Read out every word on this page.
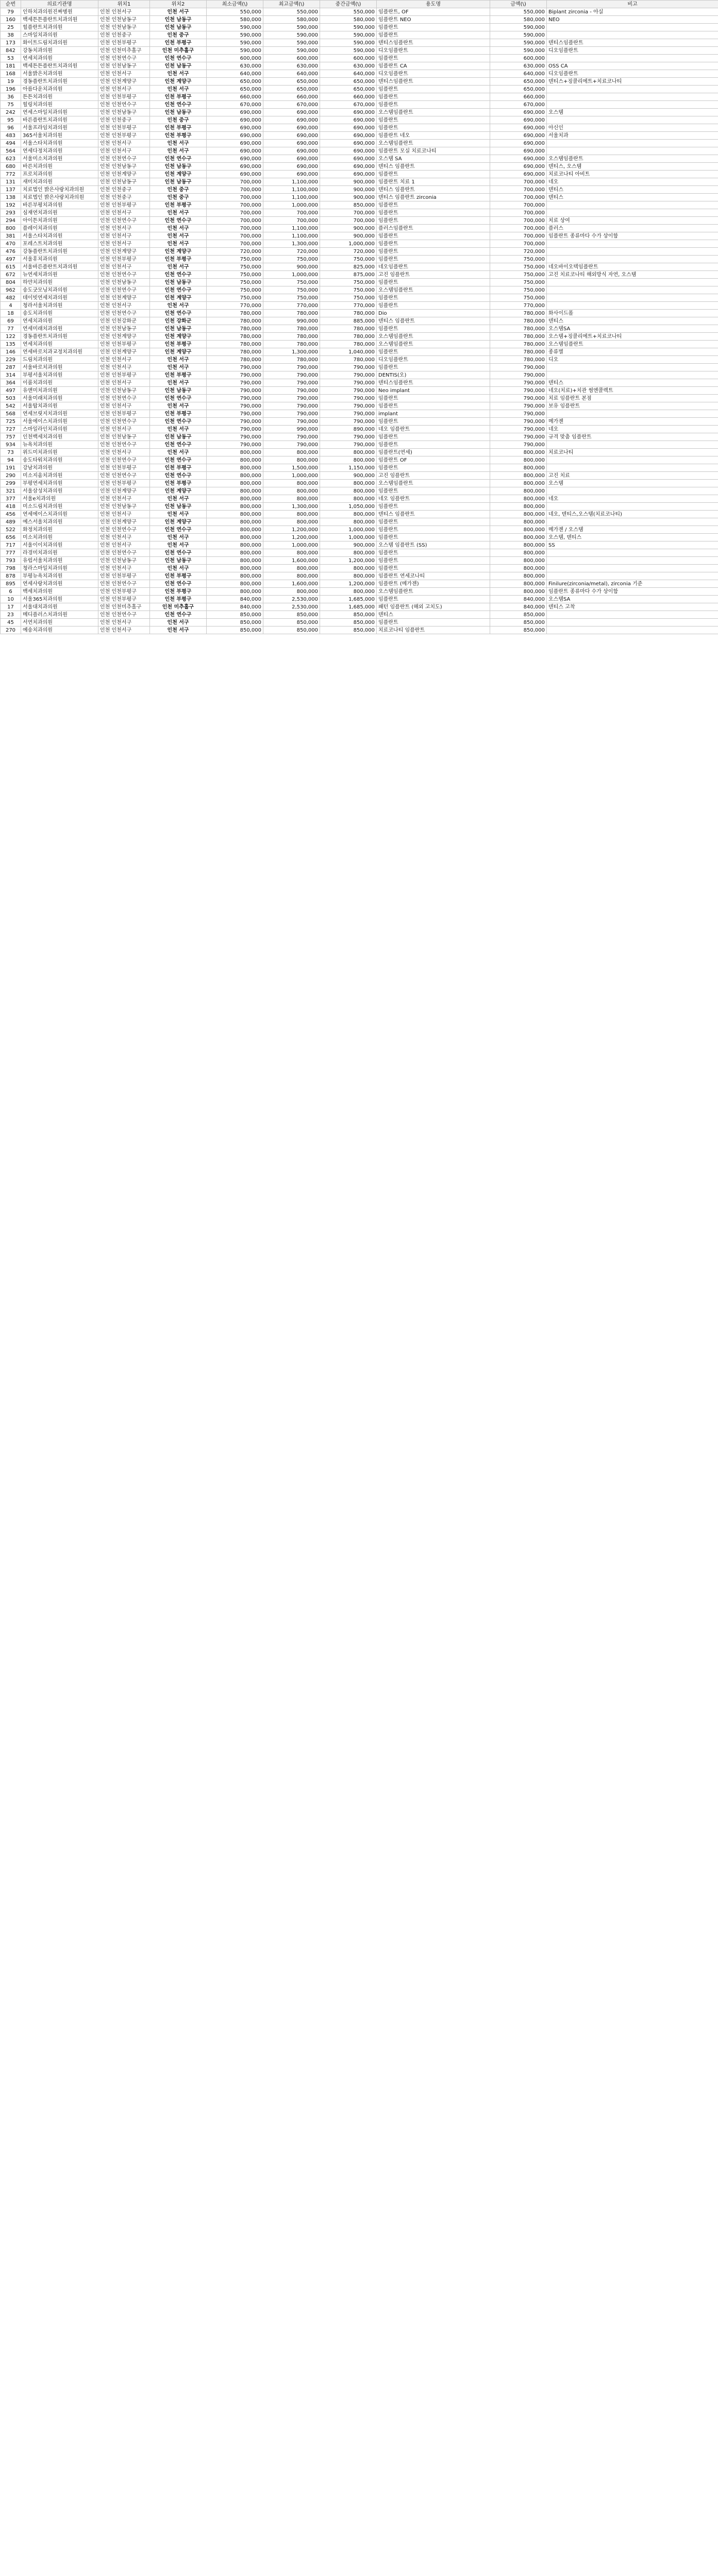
순번	의료기관명	위치1	위치2	최소금액(\)	최고금액(\)	중간금액(\)	용도명	금액(\)	비고
79	인하치과의원진짜병원	인천 인천서구	인천 서구	550,000	550,000	550,000	임플란트, OF	550,000	Biplant zirconia - 아실
160	백세튼튼플란트치과의원	인천 인천남동구	인천 남동구	580,000	580,000	580,000	임플란트 NEO	580,000	NEO
25	힐플란트치과의원	인천 인천남동구	인천 남동구	590,000	590,000	590,000	임플란트	590,000	
38	스마일치과의원	인천 인천중구	인천 중구	590,000	590,000	590,000	임플란트	590,000	
173	화이트드림치과의원	인천 인천부평구	인천 부평구	590,000	590,000	590,000	덴티스임플란트	590,000	덴티스임플란트
842	강동치과의원	인천 인천미추홀구	인천 미추홀구	590,000	590,000	590,000	디오임플란트	590,000	디오임플란트
53	연세치과의원	인천 인천연수구	인천 연수구	600,000	600,000	600,000	임플란트	600,000	
181	백세튼튼플란트치과의원	인천 인천남동구	인천 남동구	630,000	630,000	630,000	임플란트 CA	630,000	OSS CA
168	서울밝은치과의원	인천 인천서구	인천 서구	640,000	640,000	640,000	디오임플란트	640,000	디오임플란트
19	경동플란트치과의원	인천 인천계양구	인천 계양구	650,000	650,000	650,000	덴티스임플란트	650,000	덴티스+징콜리에트+치료코나티
196	아름다운치과의원	인천 인천서구	인천 서구	650,000	650,000	650,000	임플란트	650,000	
36	튼튼치과의원	인천 인천부평구	인천 부평구	660,000	660,000	660,000	임플란트	660,000	
75	힐링치과의원	인천 인천연수구	인천 연수구	670,000	670,000	670,000	임플란트	670,000	
242	연세스마일치과의원	인천 인천남동구	인천 남동구	690,000	690,000	690,000	오스템임플란트	690,000	오스템
95	바른플란트치과의원	인천 인천중구	인천 중구	690,000	690,000	690,000	임플란트	690,000	
96	서울프라임치과의원	인천 인천부평구	인천 부평구	690,000	690,000	690,000	임플란트	690,000	아신인
483	365서울치과의원	인천 인천부평구	인천 부평구	690,000	690,000	690,000	임플란트 네오	690,000	서울치과
494	서울스타치과의원	인천 인천서구	인천 서구	690,000	690,000	690,000	오스템임플란트	690,000	
564	연세다정치과의원	인천 인천서구	인천 서구	690,000	690,000	690,000	임플란트 모실 치료코나티	690,000	
623	서울미소치과의원	인천 인천연수구	인천 연수구	690,000	690,000	690,000	오스템 SA	690,000	오스템임플란트
680	바른치과의원	인천 인천남동구	인천 남동구	690,000	690,000	690,000	덴티스 임플란트	690,000	덴티스, 오스템
772	프로치과의원	인천 인천계양구	인천 계양구	690,000	690,000	690,000	임플란트	690,000	치료코나티 아비트
131	새미치과의원	인천 인천남동구	인천 남동구	700,000	1,100,000	900,000	임플란트 치료 1	700,000	네오
137	치료법인 밝은사랑치과의원	인천 인천중구	인천 중구	700,000	1,100,000	900,000	덴티스 임플란트	700,000	덴티스
138	치료법인 밝은사랑치과의원	인천 인천중구	인천 중구	700,000	1,100,000	900,000	덴티스 임플란트 zirconia	700,000	덴티스
192	바른부평치과의원	인천 인천부평구	인천 부평구	700,000	1,000,000	850,000	임플란트	700,000	
293	심재연치과의원	인천 인천서구	인천 서구	700,000	700,000	700,000	임플란트	700,000	
294	아이튼치과의원	인천 인천연수구	인천 연수구	700,000	700,000	700,000	임플란트	700,000	치료 상여
800	플레이치과의원	인천 인천서구	인천 서구	700,000	1,100,000	900,000	플러스임플란트	700,000	플러스
381	서울스타치과의원	인천 인천서구	인천 서구	700,000	1,100,000	900,000	임플란트	700,000	임플란트 종류마다 수가 상이함
470	포레스트치과의원	인천 인천서구	인천 서구	700,000	1,300,000	1,000,000	임플란트	700,000	
476	강동플란트치과의원	인천 인천계양구	인천 계양구	720,000	720,000	720,000	임플란트	720,000	
497	서울휴치과의원	인천 인천부평구	인천 부평구	750,000	750,000	750,000	임플란트	750,000	
615	서울바른플란트치과의원	인천 인천서구	인천 서구	750,000	900,000	825,000	네오임플란트	750,000	네오바이오텍임플란트
672	뉴연세치과의원	인천 인천연수구	인천 연수구	750,000	1,000,000	875,000	고진 임플란트	750,000	고진 치료코나티 해외방식 자연, 오스템
804	하얀치과의원	인천 인천남동구	인천 남동구	750,000	750,000	750,000	임플란트	750,000	
962	송도굿모닝치과의원	인천 인천연수구	인천 연수구	750,000	750,000	750,000	오스템임플란트	750,000	
482	데이빗연세치과의원	인천 인천계양구	인천 계양구	750,000	750,000	750,000	임플란트	750,000	
4	청라서울치과의원	인천 인천서구	인천 서구	770,000	770,000	770,000	임플란트	770,000	
18	송도치과의원	인천 인천연수구	인천 연수구	780,000	780,000	780,000	Dio	780,000	화사이드폴
69	연세치과의원	인천 인천강화군	인천 강화군	780,000	990,000	885,000	덴티스 임플란트	780,000	덴티스
77	연세미래치과의원	인천 인천남동구	인천 남동구	780,000	780,000	780,000	임플란트	780,000	오스템SA
122	경동플란트치과의원	인천 인천계양구	인천 계양구	780,000	780,000	780,000	오스템임플란트	780,000	오스템+징콜리에트+치료코나티
135	연세치과의원	인천 인천부평구	인천 부평구	780,000	780,000	780,000	오스템임플란트	780,000	오스템임플란트
146	연세바로치과교정치과의원	인천 인천계양구	인천 계양구	780,000	1,300,000	1,040,000	임플란트	780,000	종류별
229	드림치과의원	인천 인천서구	인천 서구	780,000	780,000	780,000	디오임플란트	780,000	디오
287	서울바로치과의원	인천 인천서구	인천 서구	790,000	790,000	790,000	임플란트	790,000	
314	부평서울치과의원	인천 인천부평구	인천 부평구	790,000	790,000	790,000	DENTIS(오)	790,000	
364	이룸치과의원	인천 인천서구	인천 서구	790,000	790,000	790,000	덴티스임플란트	790,000	덴티스
497	유앤미치과의원	인천 인천남동구	인천 남동구	790,000	790,000	790,000	Neo implant	790,000	네오(치료)+치관 썸엔콜렉트
503	서울미래치과의원	인천 인천연수구	인천 연수구	790,000	790,000	790,000	임플란트	790,000	치료 임플란트 본점
542	서울탑치과의원	인천 인천서구	인천 서구	790,000	790,000	790,000	임플란트	790,000	보유 임플란트
568	연세브릿지치과의원	인천 인천부평구	인천 부평구	790,000	790,000	790,000	implant	790,000	
725	서울에이스치과의원	인천 인천연수구	인천 연수구	790,000	790,000	790,000	임플란트	790,000	메가젠
727	스마일라인치과의원	인천 인천서구	인천 서구	790,000	990,000	890,000	네오 임플란트	790,000	네오
757	인천백세치과의원	인천 인천남동구	인천 남동구	790,000	790,000	790,000	임플란트	790,000	규격 맞춤 임플란트
934	뉴욕치과의원	인천 인천연수구	인천 연수구	790,000	790,000	790,000	임플란트	790,000	
73	위드미치과의원	인천 인천서구	인천 서구	800,000	800,000	800,000	임플란트(연세)	800,000	치료코나티
94	송도타워치과의원	인천 인천연수구	인천 연수구	800,000	800,000	800,000	임플란트 OF	800,000	
191	강남치과의원	인천 인천부평구	인천 부평구	800,000	1,500,000	1,150,000	임플란트	800,000	
290	미소지움치과의원	인천 인천연수구	인천 연수구	800,000	1,000,000	900,000	고진 임플란트	800,000	고진 치료
299	부평연세치과의원	인천 인천부평구	인천 부평구	800,000	800,000	800,000	오스템임플란트	800,000	오스템
321	서울삼성치과의원	인천 인천계양구	인천 계양구	800,000	800,000	800,000	임플란트	800,000	
377	서울e치과의원	인천 인천서구	인천 서구	800,000	800,000	800,000	네오 임플란트	800,000	네오
418	미소드림치과의원	인천 인천남동구	인천 남동구	800,000	1,300,000	1,050,000	임플란트	800,000	
456	연세에이스치과의원	인천 인천서구	인천 서구	800,000	800,000	800,000	덴티스 임플란트	800,000	네오, 덴티스,오스템(치료코나티)
489	예스서울치과의원	인천 인천계양구	인천 계양구	800,000	800,000	800,000	임플란트	800,000	
522	화정치과의원	인천 인천연수구	인천 연수구	800,000	1,200,000	1,000,000	임플란트	800,000	메가젠 / 오스템
656	미소치과의원	인천 인천서구	인천 서구	800,000	1,200,000	1,000,000	임플란트	800,000	오스템, 덴티스
717	서울이이치과의원	인천 인천서구	인천 서구	800,000	1,000,000	900,000	오스템 임플란트 (SS)	800,000	SS
777	라경미치과의원	인천 인천연수구	인천 연수구	800,000	800,000	800,000	임플란트	800,000	
793	유럽서울치과의원	인천 인천남동구	인천 남동구	800,000	1,600,000	1,200,000	임플란트	800,000	
798	청라스마일치과의원	인천 인천서구	인천 서구	800,000	800,000	800,000	임플란트	800,000	
878	부평뉴욕치과의원	인천 인천부평구	인천 부평구	800,000	800,000	800,000	임플란트 연세코나티	800,000	
895	연세사랑치과의원	인천 인천연수구	인천 연수구	800,000	1,600,000	1,200,000	임플란트 (메가젠)	800,000	Finilure(zirconia/metal), zirconia 기준
6	백세치과의원	인천 인천부평구	인천 부평구	800,000	800,000	800,000	오스템임플란트	800,000	임플란트 종류마다 수가 상이함
10	서울365치과의원	인천 인천부평구	인천 부평구	840,000	2,530,000	1,685,000	임플란트	840,000	오스템SA
17	서울대치과의원	인천 인천미추홀구	인천 미추홀구	840,000	2,530,000	1,685,000	패턴 임플란트 (해외 고치도)	840,000	덴티스 고착
23	메디플러스치과의원	인천 인천연수구	인천 연수구	850,000	850,000	850,000	덴티스	850,000	
45	서연치과의원	인천 인천서구	인천 서구	850,000	850,000	850,000	임플란트	850,000	
270	예송치과의원	인천 인천서구	인천 서구	850,000	850,000	850,000	치료코나티 임플란트	850,000	
